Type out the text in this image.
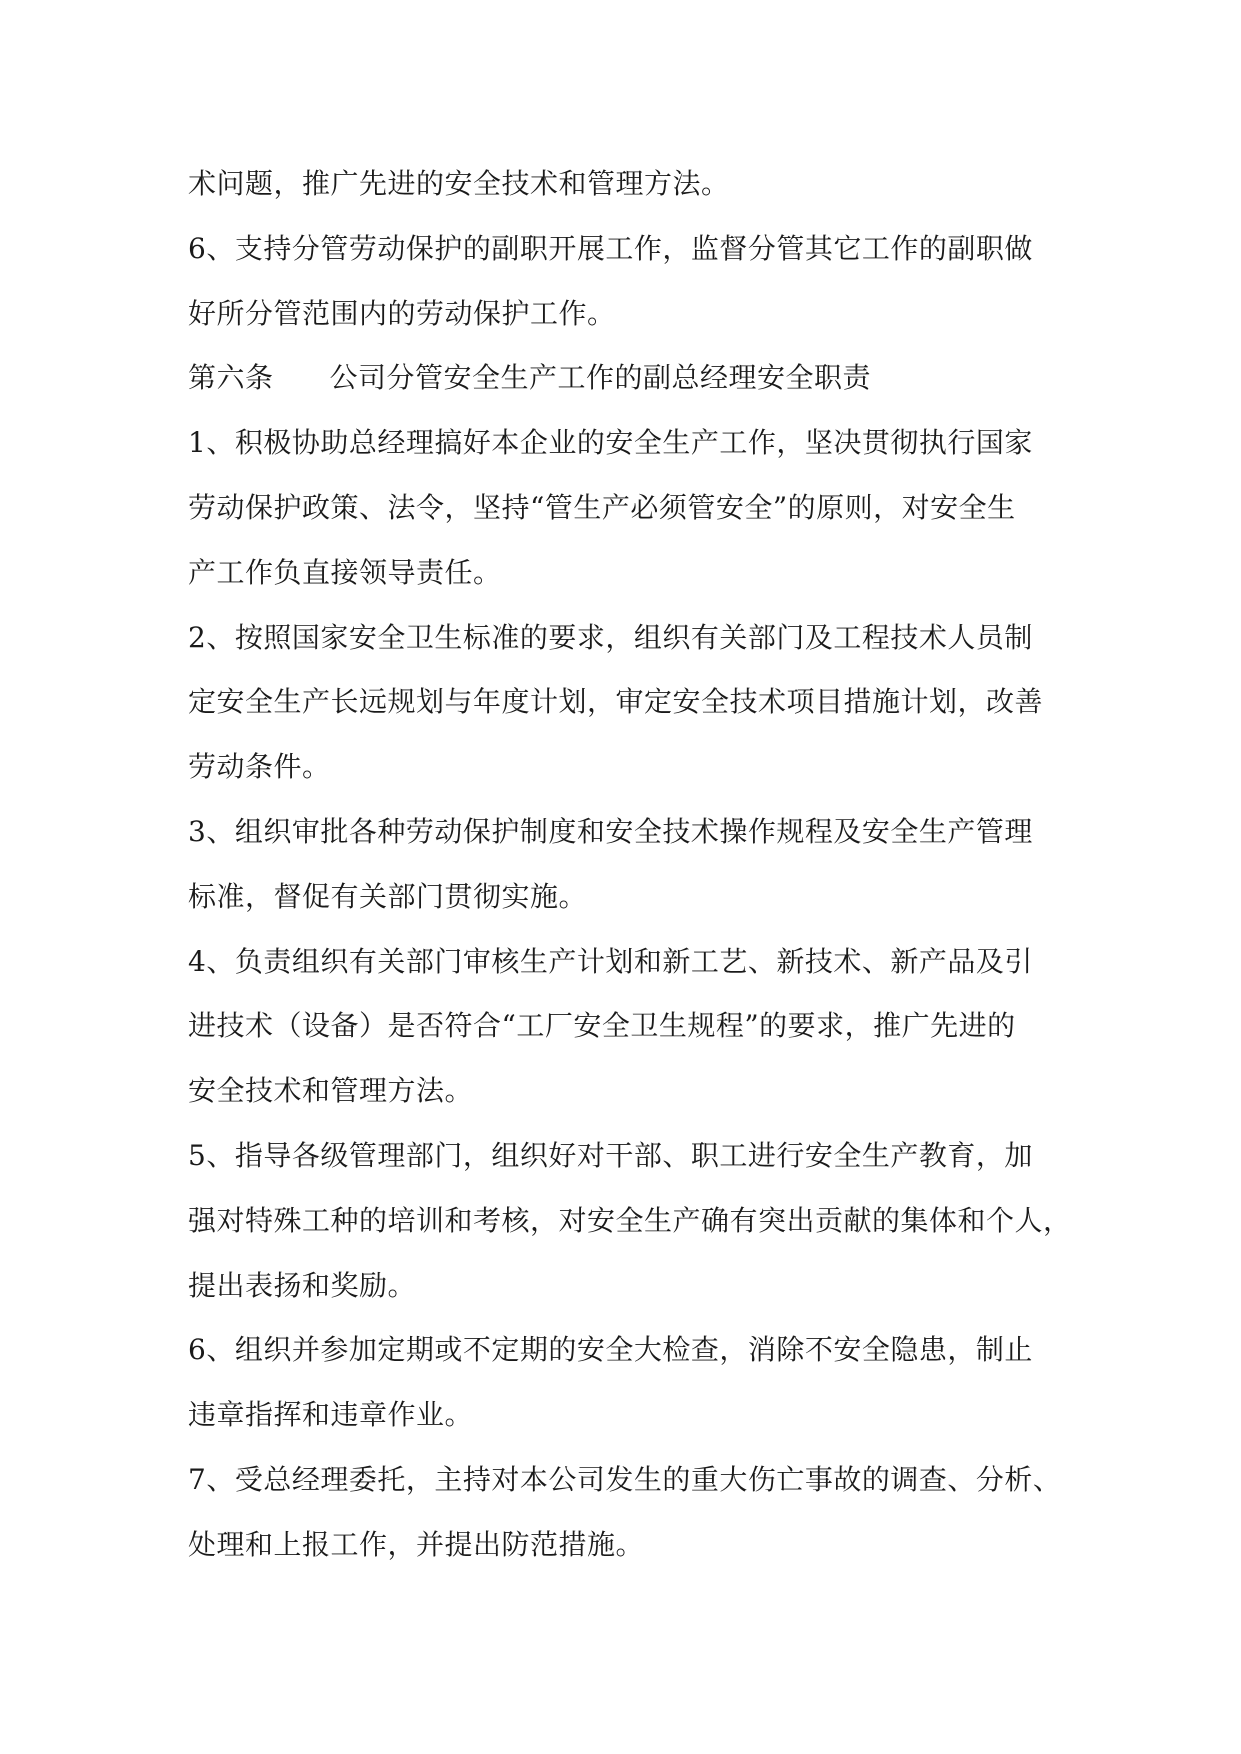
术问题，推广先进的安全技术和管理方法。
6、支持分管劳动保护的副职开展工作，监督分管其它工作的副职做
好所分管范围内的劳动保护工作。
第六条 公司分管安全生产工作的副总经理安全职责
1、积极协助总经理搞好本企业的安全生产工作，坚决贯彻执行国家
劳动保护政策、法令，坚持“管生产必须管安全”的原则，对安全生
产工作负直接领导责任。
2、按照国家安全卫生标准的要求，组织有关部门及工程技术人员制
定安全生产长远规划与年度计划，审定安全技术项目措施计划，改善
劳动条件。
3、组织审批各种劳动保护制度和安全技术操作规程及安全生产管理
标准，督促有关部门贯彻实施。
4、负责组织有关部门审核生产计划和新工艺、新技术、新产品及引
进技术（设备）是否符合“工厂安全卫生规程”的要求，推广先进的
安全技术和管理方法。
5、指导各级管理部门，组织好对干部、职工进行安全生产教育，加
强对特殊工种的培训和考核，对安全生产确有突出贡献的集体和个人，
提出表扬和奖励。
6、组织并参加定期或不定期的安全大检查，消除不安全隐患，制止
违章指挥和违章作业。
7、受总经理委托，主持对本公司发生的重大伤亡事故的调查、分析、
处理和上报工作，并提出防范措施。
